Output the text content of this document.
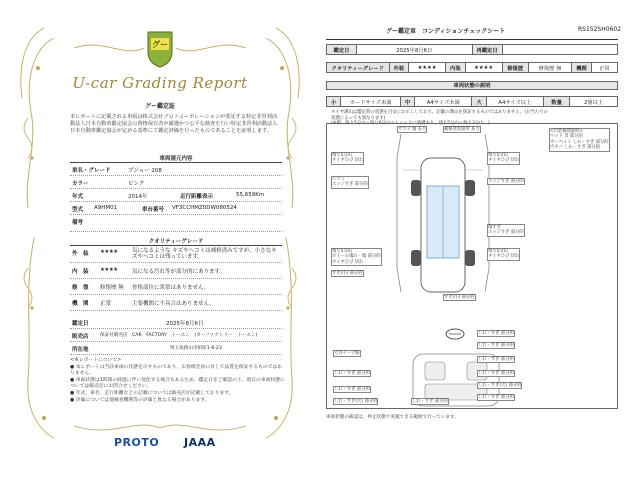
グー
U-car Grading Report
グー鑑定証
本レポートに記載される車両は株式会社プロトコーポレーションが委託する特定非営利活動法人日本自動車鑑定協会の資格保有者が厳選かつ公平な検査を行い特定非営利活動法人日本自動車鑑定協会が定める基準にて鑑定評価を行ったものであることを証明します。
車両諸元内容
車名・グレード	プジョー 208
カラー	ピンク
年式	2014年	走行距離表示	55,659Km
型式 A9HM01	車台番号 VF3CCHMZ0DW080524
備考
クオリティーグレード
外　装 ★★★★	気になるような キズやヘコミは補修済みですが、小さなキズやヘコミは残っています。
内　装 ★★★★	気になる汚れ等が部分的にあります。
修　復 修復歴 無 骨格部位に異常はありません。
機　関 正常	主要機関に不具合はありません。
鑑定日	2025年8月6日
販売店 保証付販売店　CAR　FACTORY　トーエン　(カーファクトリー　トーエン)
所在地	埼玉県狭山市柏原1-6-23
<車レポートについて>
● 本レポートは当該車両の状態を示すものであり、お客様全員に対して品質を保証するものではありません。
● 車両状態は1時間の経過に伴い変化する場合もあるため、鑑定日をご確認の上、現在の車両状態については販売店にお問合せください。
● 年式、車名、走行距離などの記載については販売店が記載しております。
● 評価については他検査機関等の評価と異なる場合があります。
PROTO JAAA
グー鑑定車　コンディションチェックシート	RS152SH0602
鑑定日	2025年8月6日	再鑑定日	
クオリティーグレード	外装	★★★★	内装	★★★★	修復歴	修復歴 無	機関	正常
車両状態の説明
小	カードサイズ未満	中	A4サイズ未満	大	A4サイズ以上	数量	2箇以上
タイヤ溝山は鑑定時の状態を目安にお示ししており、記載の溝山を保証するものではありません。(日当たりの状態によっても異なります)
(※例：残り5分山～残り6分山のトレッドに残溝あり。残り5分山～残り3分山...)
残り5分山
タイヤひび 切れ
ガラス 傷 あり	補修塗装箇所 あり
残り5分山
タイヤひび 切れ
ヘコミ
エッジすぎ 部分的
エッジすぎ 部分的
残り5分山
ホイール傷れ・傷 部分的
タイヤひび 切れ
傷すぎ
エッジすぎ 部分的
残り5分山
タイヤひび 切れ
すぎ(小) 部分的
すぎ(小) 部分的
<内装修理説明>
ベッド 等 部分的
カーペット しわ・すぎ 部分的
内カバ しわ・すぎ 部分的
しわ・すぎ 部分的
しわ・すぎ 部分的
天井テープ跡
しわ・すぎ 部分的
しわ・すぎ 部分的	しわ・すぎ 部分的
しわ・すぎ(大) 部分的
しわ・すぎ 部分的
しわ・すぎ 部分的
しわ・すぎ(大) 部分的	しわ・すぎ 部分的
車両状態の確認は、停止状態で実施できる範囲で行っています。
